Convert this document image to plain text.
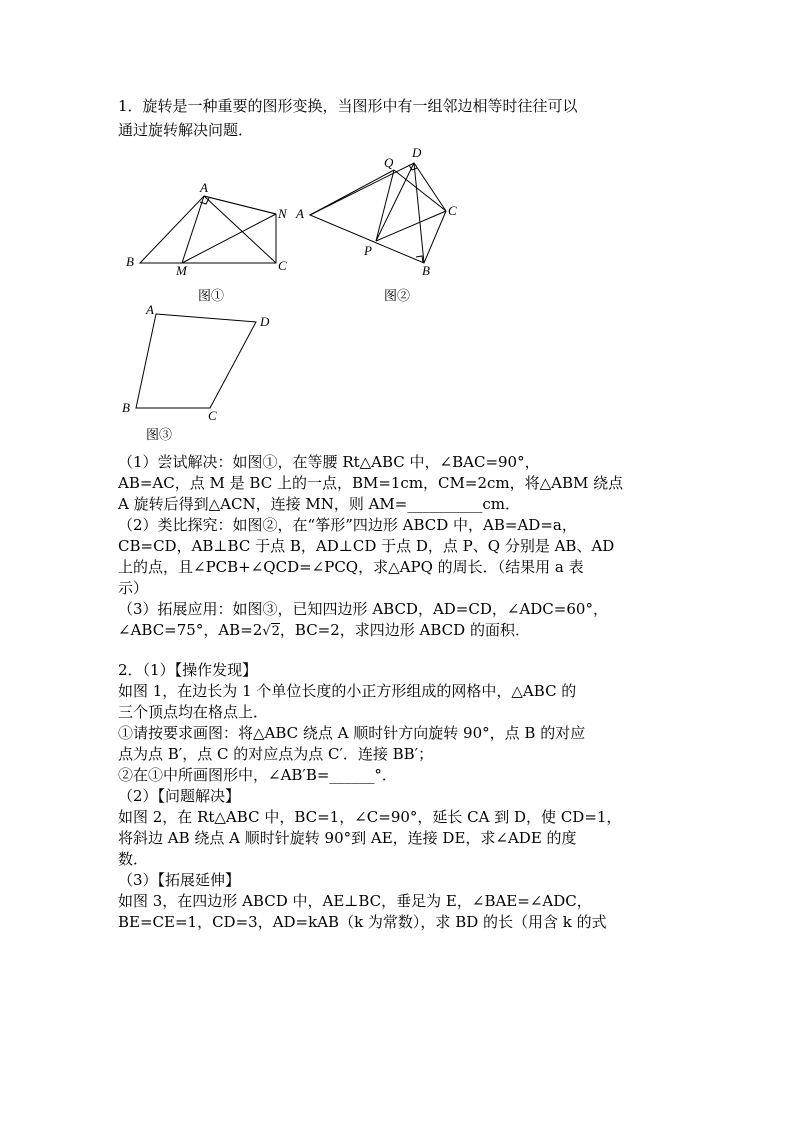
1．旋转是一种重要的图形变换，当图形中有一组邻边相等时往往可以
通过旋转解决问题．
A
B
M	C
N
图①
A
Q
D
C
P
B
图②
A
D
B
C
图③
（1）尝试解决：如图①，在等腰 Rt△ABC 中，∠BAC=90°，
AB=AC，点 M 是 BC 上的一点，BM=1cm，CM=2cm，将△ABM 绕点
A 旋转后得到△ACN，连接 MN，则 AM=__________cm．
（2）类比探究：如图②，在“筝形”四边形 ABCD 中，AB=AD=a，
CB=CD，AB⊥BC 于点 B，AD⊥CD 于点 D，点 P、Q 分别是 AB、AD
上的点，且∠PCB+∠QCD=∠PCQ，求△APQ 的周长．（结果用 a 表
示）
（3）拓展应用：如图③，已知四边形 ABCD，AD=CD，∠ADC=60°，
∠ABC=75°，AB=2√2，BC=2，求四边形 ABCD 的面积．
2．（1）【操作发现】
如图 1，在边长为 1 个单位长度的小正方形组成的网格中，△ABC 的
三个顶点均在格点上．
①请按要求画图：将△ABC 绕点 A 顺时针方向旋转 90°，点 B 的对应
点为点 B′，点 C 的对应点为点 C′．连接 BB′；
②在①中所画图形中，∠AB′B=______°．
（2）【问题解决】
如图 2，在 Rt△ABC 中，BC=1，∠C=90°，延长 CA 到 D，使 CD=1，
将斜边 AB 绕点 A 顺时针旋转 90°到 AE，连接 DE，求∠ADE 的度
数．
（3）【拓展延伸】
如图 3，在四边形 ABCD 中，AE⊥BC，垂足为 E，∠BAE=∠ADC，
BE=CE=1，CD=3，AD=kAB（k 为常数），求 BD 的长（用含 k 的式
